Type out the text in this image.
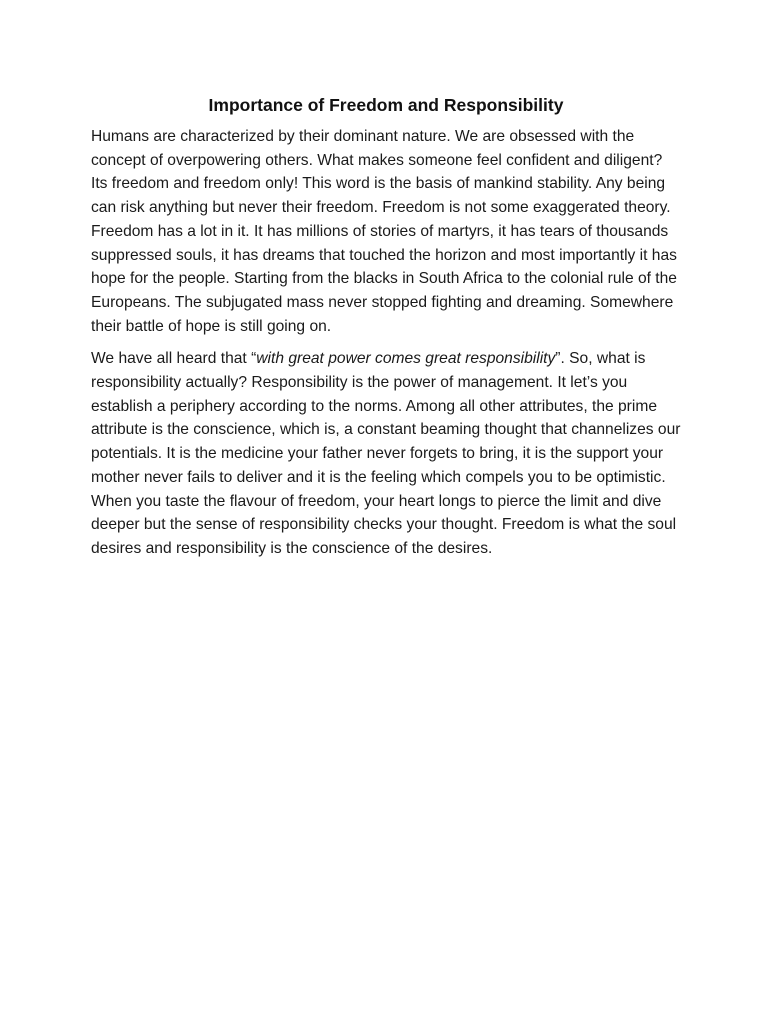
Importance of Freedom and Responsibility

Humans are characterized by their dominant nature. We are obsessed with the concept of overpowering others. What makes someone feel confident and diligent? Its freedom and freedom only! This word is the basis of mankind stability. Any being can risk anything but never their freedom. Freedom is not some exaggerated theory. Freedom has a lot in it. It has millions of stories of martyrs, it has tears of thousands suppressed souls, it has dreams that touched the horizon and most importantly it has hope for the people. Starting from the blacks in South Africa to the colonial rule of the Europeans. The subjugated mass never stopped fighting and dreaming. Somewhere their battle of hope is still going on.

We have all heard that “with great power comes great responsibility”. So, what is responsibility actually? Responsibility is the power of management. It let’s you establish a periphery according to the norms. Among all other attributes, the prime attribute is the conscience, which is, a constant beaming thought that channelizes our potentials. It is the medicine your father never forgets to bring, it is the support your mother never fails to deliver and it is the feeling which compels you to be optimistic. When you taste the flavour of freedom, your heart longs to pierce the limit and dive deeper but the sense of responsibility checks your thought. Freedom is what the soul desires and responsibility is the conscience of the desires.
